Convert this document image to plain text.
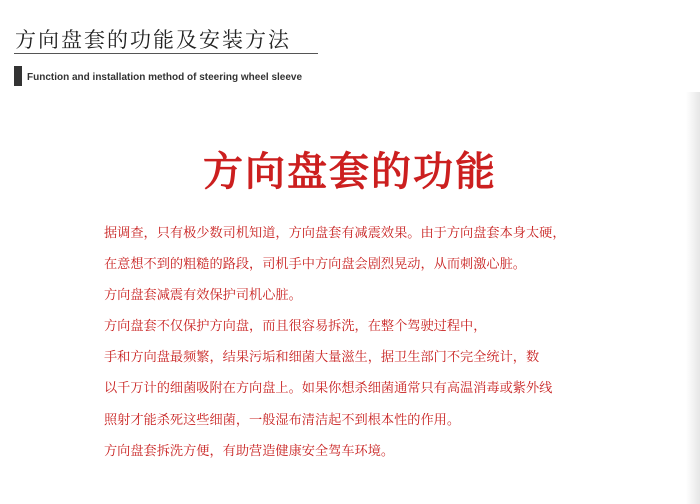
方向盘套的功能及安装方法
Function and installation method of steering wheel sleeve
方向盘套的功能
据调查，只有极少数司机知道，方向盘套有减震效果。由于方向盘套本身太硬，
在意想不到的粗糙的路段，司机手中方向盘会剧烈晃动，从而刺激心脏。
方向盘套减震有效保护司机心脏。
方向盘套不仅保护方向盘，而且很容易拆洗，在整个驾驶过程中，
手和方向盘最频繁，结果污垢和细菌大量滋生，据卫生部门不完全统计，数
以千万计的细菌吸附在方向盘上。如果你想杀细菌通常只有高温消毒或紫外线
照射才能杀死这些细菌，一般湿布清洁起不到根本性的作用。
方向盘套拆洗方便，有助营造健康安全驾车环境。
